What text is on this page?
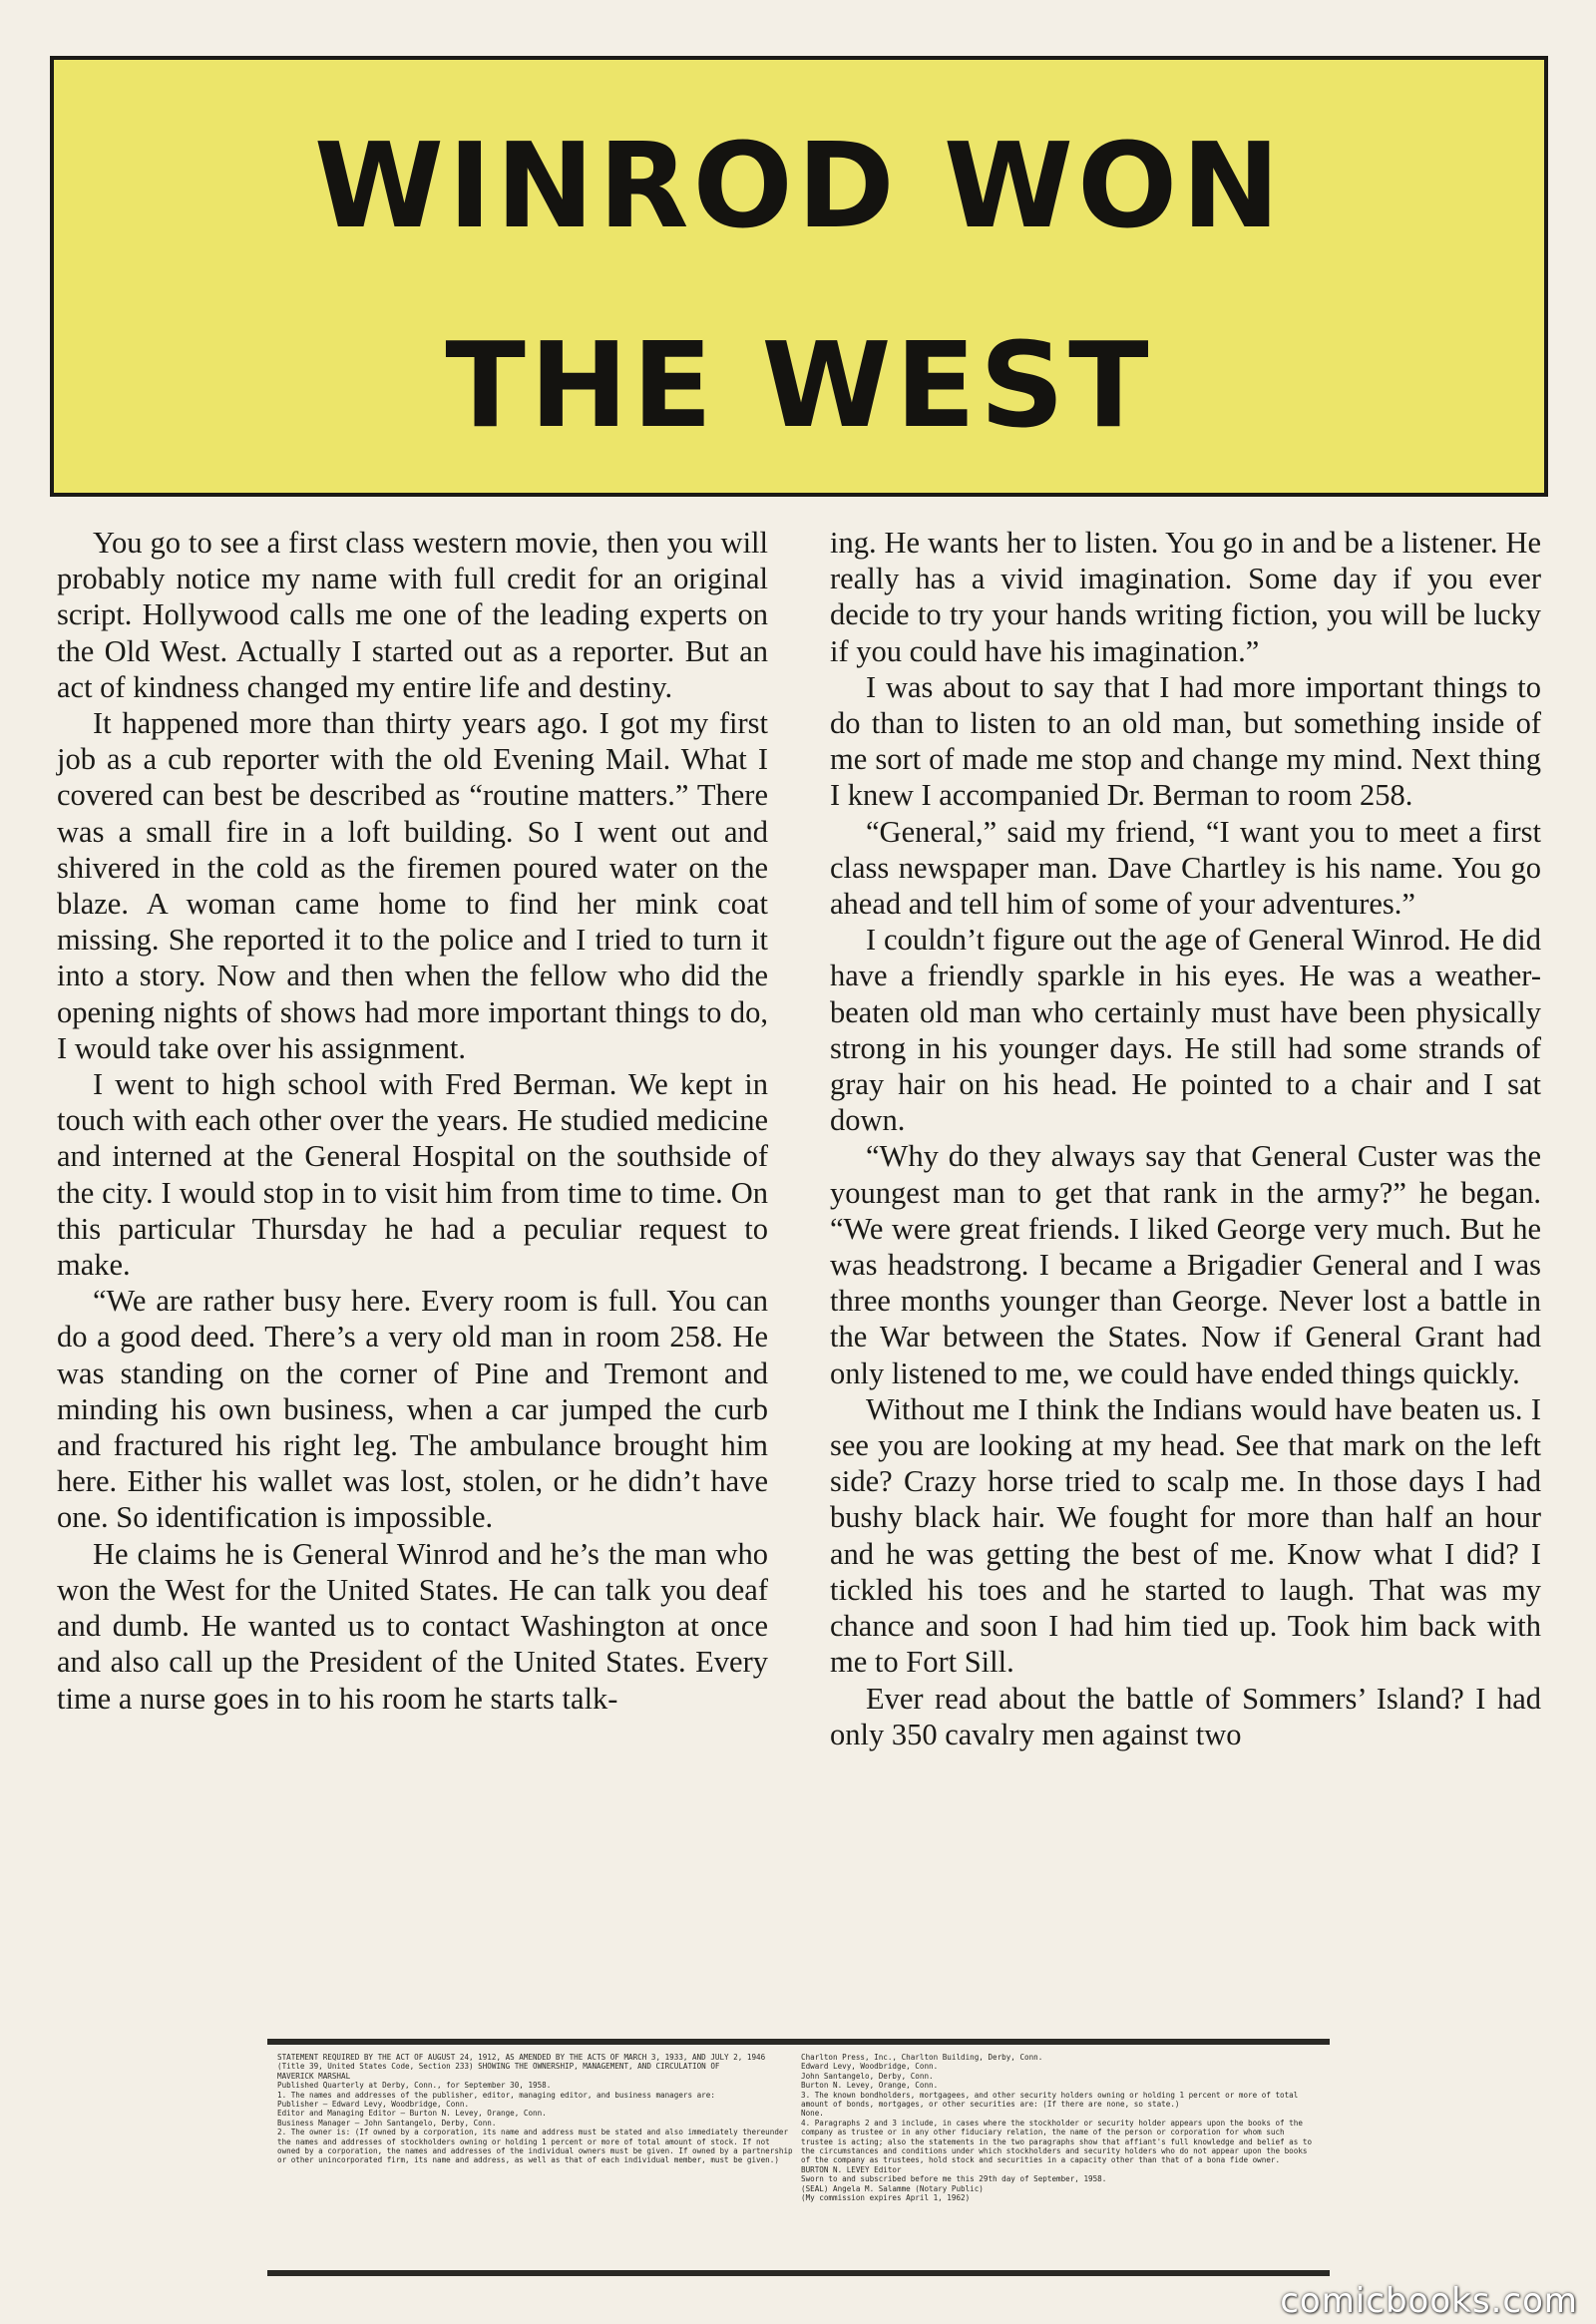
WINROD WON
THE WEST

You go to see a first class western movie, then you will probably notice my name with full credit for an original script. Hollywood calls me one of the leading experts on the Old West. Actually I started out as a reporter. But an act of kindness changed my entire life and destiny.

It happened more than thirty years ago. I got my first job as a cub reporter with the old Evening Mail. What I covered can best be described as “routine matters.” There was a small fire in a loft building. So I went out and shivered in the cold as the firemen poured water on the blaze. A woman came home to find her mink coat missing. She reported it to the police and I tried to turn it into a story. Now and then when the fellow who did the opening nights of shows had more important things to do, I would take over his assignment.

I went to high school with Fred Berman. We kept in touch with each other over the years. He studied medicine and interned at the General Hospital on the southside of the city. I would stop in to visit him from time to time. On this particular Thursday he had a peculiar request to make.

“We are rather busy here. Every room is full. You can do a good deed. There’s a very old man in room 258. He was standing on the corner of Pine and Tremont and minding his own business, when a car jumped the curb and fractured his right leg. The ambulance brought him here. Either his wallet was lost, stolen, or he didn’t have one. So identification is impossible.

He claims he is General Winrod and he’s the man who won the West for the United States. He can talk you deaf and dumb. He wanted us to contact Washington at once and also call up the President of the United States. Every time a nurse goes in to his room he starts talk-

ing. He wants her to listen. You go in and be a listener. He really has a vivid imagination. Some day if you ever decide to try your hands writing fiction, you will be lucky if you could have his imagination.”

I was about to say that I had more important things to do than to listen to an old man, but something inside of me sort of made me stop and change my mind. Next thing I knew I accompanied Dr. Berman to room 258.

“General,” said my friend, “I want you to meet a first class newspaper man. Dave Chartley is his name. You go ahead and tell him of some of your adventures.”

I couldn’t figure out the age of General Winrod. He did have a friendly sparkle in his eyes. He was a weather-beaten old man who certainly must have been physically strong in his younger days. He still had some strands of gray hair on his head. He pointed to a chair and I sat down.

“Why do they always say that General Custer was the youngest man to get that rank in the army?” he began. “We were great friends. I liked George very much. But he was headstrong. I became a Brigadier General and I was three months younger than George. Never lost a battle in the War between the States. Now if General Grant had only listened to me, we could have ended things quickly.

Without me I think the Indians would have beaten us. I see you are looking at my head. See that mark on the left side? Crazy horse tried to scalp me. In those days I had bushy black hair. We fought for more than half an hour and he was getting the best of me. Know what I did? I tickled his toes and he started to laugh. That was my chance and soon I had him tied up. Took him back with me to Fort Sill.

Ever read about the battle of Sommers’ Island? I had only 350 cavalry men against two

STATEMENT REQUIRED BY THE ACT OF AUGUST 24, 1912, AS AMENDED BY THE ACTS OF MARCH 3, 1933, AND JULY 2, 1946 (Title 39, United States Code, Section 233) SHOWING THE OWNERSHIP, MANAGEMENT, AND CIRCULATION OF
MAVERICK MARSHAL
Published Quarterly at Derby, Conn., for September 30, 1958.
1. The names and addresses of the publisher, editor, managing editor, and business managers are:
Publisher — Edward Levy, Woodbridge, Conn.
Editor and Managing Editor — Burton N. Levey, Orange, Conn.
Business Manager — John Santangelo, Derby, Conn.
2. The owner is: (If owned by a corporation, its name and address must be stated and also immediately thereunder the names and addresses of stockholders owning or holding 1 percent or more of total amount of stock. If not owned by a corporation, the names and addresses of the individual owners must be given. If owned by a partnership or other unincorporated firm, its name and address, as well as that of each individual member, must be given.)
Charlton Press, Inc., Charlton Building, Derby, Conn.
Edward Levy, Woodbridge, Conn.
John Santangelo, Derby, Conn.
Burton N. Levey, Orange, Conn.
3. The known bondholders, mortgagees, and other security holders owning or holding 1 percent or more of total amount of bonds, mortgages, or other securities are: (If there are none, so state.)
None.
4. Paragraphs 2 and 3 include, in cases where the stockholder or security holder appears upon the books of the company as trustee or in any other fiduciary relation, the name of the person or corporation for whom such trustee is acting; also the statements in the two paragraphs show that affiant's full knowledge and belief as to the circumstances and conditions under which stockholders and security holders who do not appear upon the books of the company as trustees, hold stock and securities in a capacity other than that of a bona fide owner.
BURTON N. LEVEY Editor
Sworn to and subscribed before me this 29th day of September, 1958.
(SEAL) Angela M. Salamme (Notary Public)
(My commission expires April 1, 1962)
comicbooks.com
